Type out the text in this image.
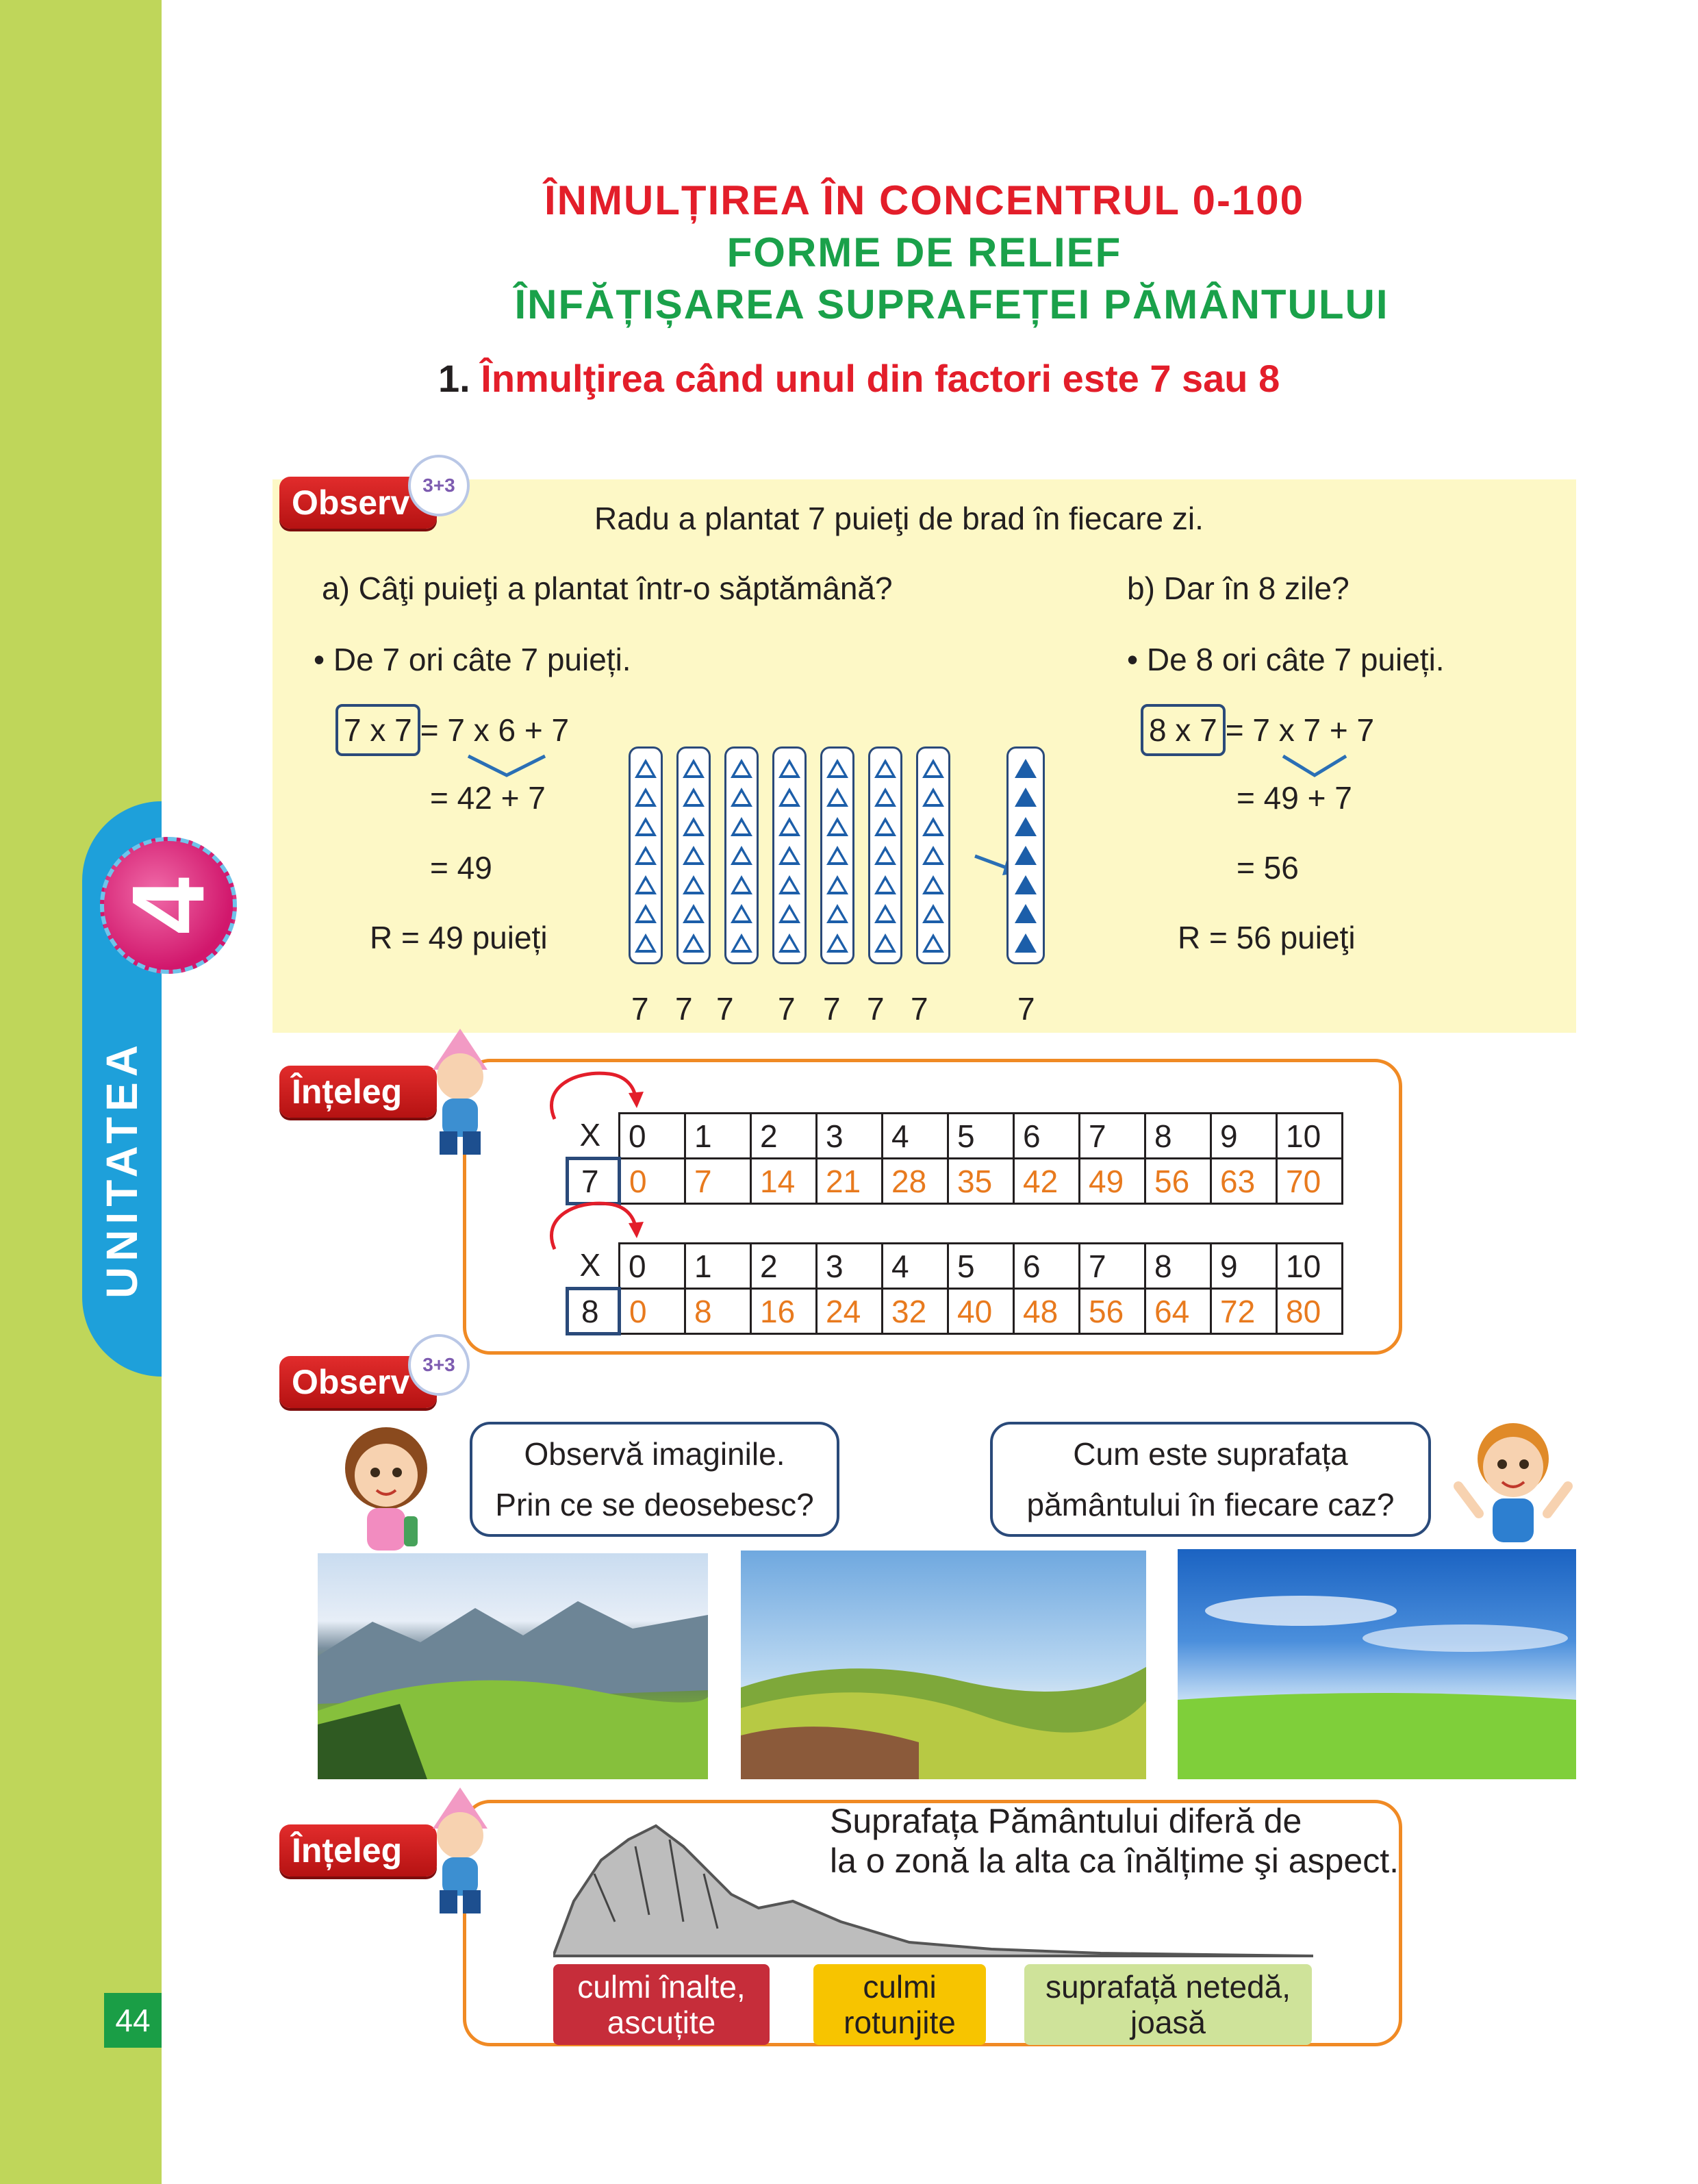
UNITATEA
4
44
ÎNMULȚIREA ÎN CONCENTRUL 0-100
FORME DE RELIEF
ÎNFĂȚIȘAREA SUPRAFEȚEI PĂMÂNTULUI
1. Înmulţirea când unul din factori este 7 sau 8
Observ 3+3
Radu a plantat 7 puieţi de brad în fiecare zi.
a) Câţi puieţi a plantat într-o săptămână?
• De 7 ori câte 7 puieți.
7 x 7 = 7 x 6 + 7
= 42 + 7
= 49
R = 49 puieți
7 7 7 7 7 7 7	7
b) Dar în 8 zile?
• De 8 ori câte 7 puieți.
8 x 7 = 7 x 7 + 7
= 49 + 7
= 56
R = 56 puieţi
Înțeleg
X	0	1	2	3	4	5	6	7	8	9	10
7	0	7	14	21	28	35	42	49	56	63	70
X	0	1	2	3	4	5	6	7	8	9	10
8	0	8	16	24	32	40	48	56	64	72	80
Observ 3+3
Observă imaginile.
Prin ce se deosebesc?
Cum este suprafața
pământului în fiecare caz?
Înțeleg
Suprafața Pământului diferă de
la o zonă la alta ca înălțime şi aspect.
culmi înalte,
ascuțite
culmi
rotunjite
suprafață netedă,
joasă
